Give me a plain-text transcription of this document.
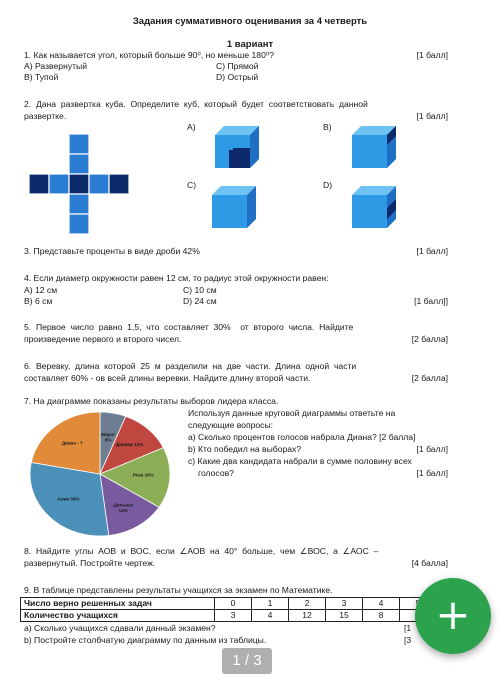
Задания суммативного оценивания за 4 четверть
1 вариант
1. Как называется угол, который больше 90⁰, но меньше 180⁰?	[1 балл]
А) Развернутый
В) Тупой
С) Прямой
D) Острый
2.  Дана  развертка  куба.  Определите  куб,  который  будет  соответствовать  данной
развертке.	[1 балл]
А)	В)
С)	D)
3. Представьте проценты в виде дроби 42%	[1 балл]
4. Если диаметр окружности равен 12 см, то радиус этой окружности равен:
А) 12 см
В) 6 см
С) 10 см
D) 24 см	[1 балл]]
5.  Первое  число  равно  1,5,  что  составляет  30%    от  второго  числа.  Найдите
произведение первого и второго чисел.	[2 балла]
6.  Веревку,  длина  которой  25  м  разделили  на  две  части.  Длина  одной  части
составляет 60% - ов всей длины веревки. Найдите длину второй части.	[2 балла]
7. На диаграмме показаны результаты выборов лидера класса.
Используя данные круговой диаграммы ответьте на
следующие вопросы:
а) Сколько процентов голосов набрала Диана? [2 балла]
b) Кто победил на выборах?	[1 балл]
с) Какие два кандидата набрали в сумме половину всех
голосов?	[1 балл]
Марат 6%
Данияр 12%
Роза 16%
Дильназ 14%
Алия 30%
Диана - ?
8.  Найдите  углы  АОВ  и  ВОС,  если  ∠АОВ  на  40°  больше,  чем  ∠ВОС,  а  ∠АОС  –
развернутый. Постройте чертеж.	[4 балла]
9. В таблице представлены результаты учащихся за экзамен по Математике.
Число верно решенных задач	0	1	2	3	4	
Количество учащихся	3	4	12	15	8	
а) Сколько учащихся сдавали данный экзамен?	[1
b) Постройте столбчатую диаграмму по данным из таблицы.	[3
+
1 / 3
